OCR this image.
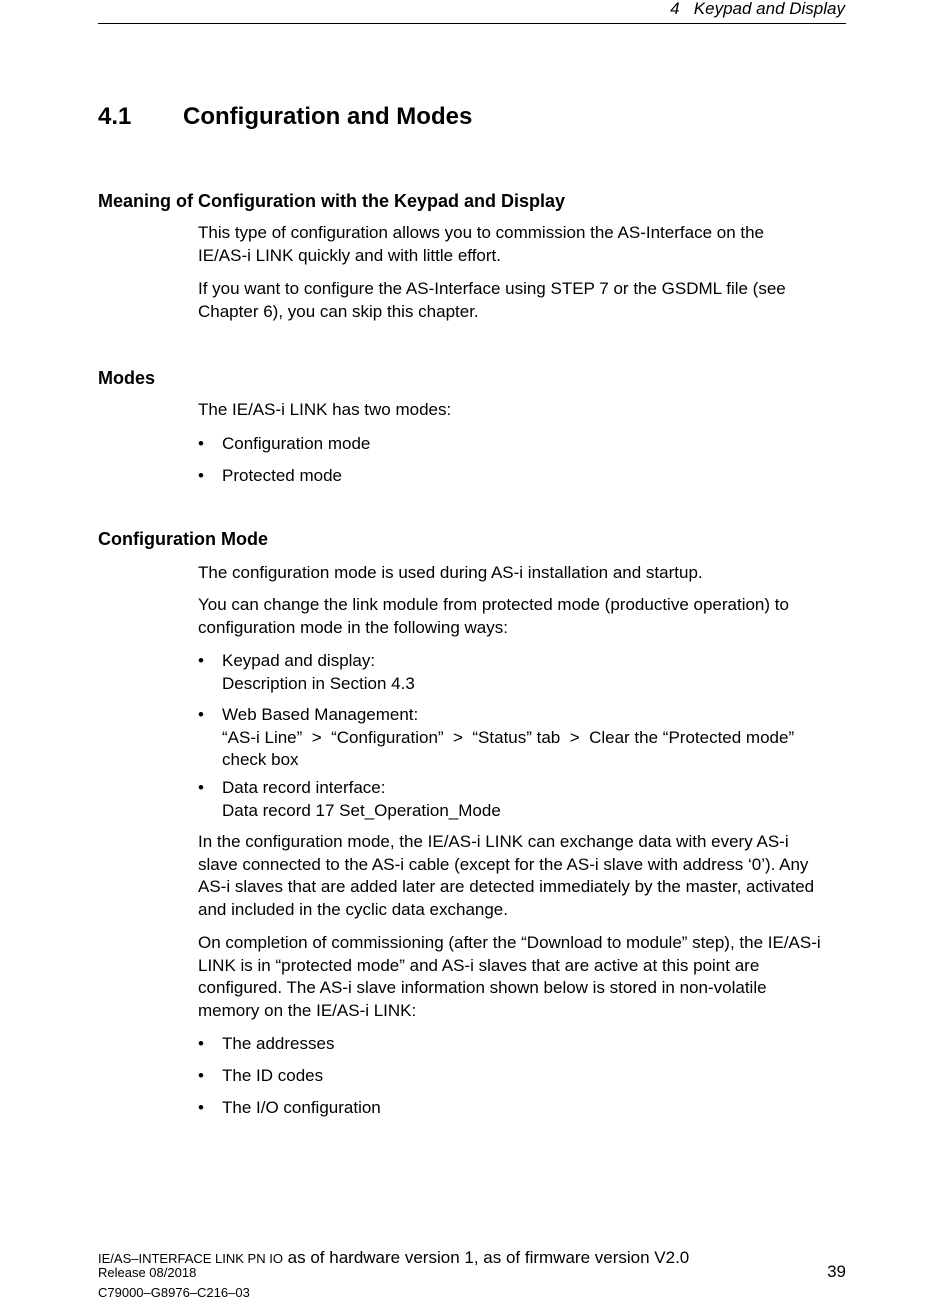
4   Keypad and Display
4.1 Configuration and Modes
Meaning of Configuration with the Keypad and Display

This type of configuration allows you to commission the AS-Interface on the
IE/AS-i LINK quickly and with little effort.

If you want to configure the AS-Interface using STEP 7 or the GSDML file (see
Chapter 6), you can skip this chapter.

Modes
The IE/AS-i LINK has two modes:
• Configuration mode
• Protected mode
Configuration Mode
The configuration mode is used during AS-i installation and startup.
You can change the link module from protected mode (productive operation) to
configuration mode in the following ways:
• Keypad and display:
Description in Section 4.3
• Web Based Management:
“AS-i Line”  >  “Configuration”  >  “Status” tab  >  Clear the “Protected mode”
check box
• Data record interface:
Data record 17 Set_Operation_Mode
In the configuration mode, the IE/AS-i LINK can exchange data with every AS-i
slave connected to the AS-i cable (except for the AS-i slave with address ‘0’). Any
AS-i slaves that are added later are detected immediately by the master, activated
and included in the cyclic data exchange.
On completion of commissioning (after the “Download to module” step), the IE/AS-i
LINK is in “protected mode” and AS-i slaves that are active at this point are
configured. The AS-i slave information shown below is stored in non-volatile
memory on the IE/AS-i LINK:
• The addresses
• The ID codes
• The I/O configuration
IE/AS–INTERFACE LINK PN IO as of hardware version 1, as of firmware version V2.0
Release 08/2018
C79000–G8976–C216–03
39
